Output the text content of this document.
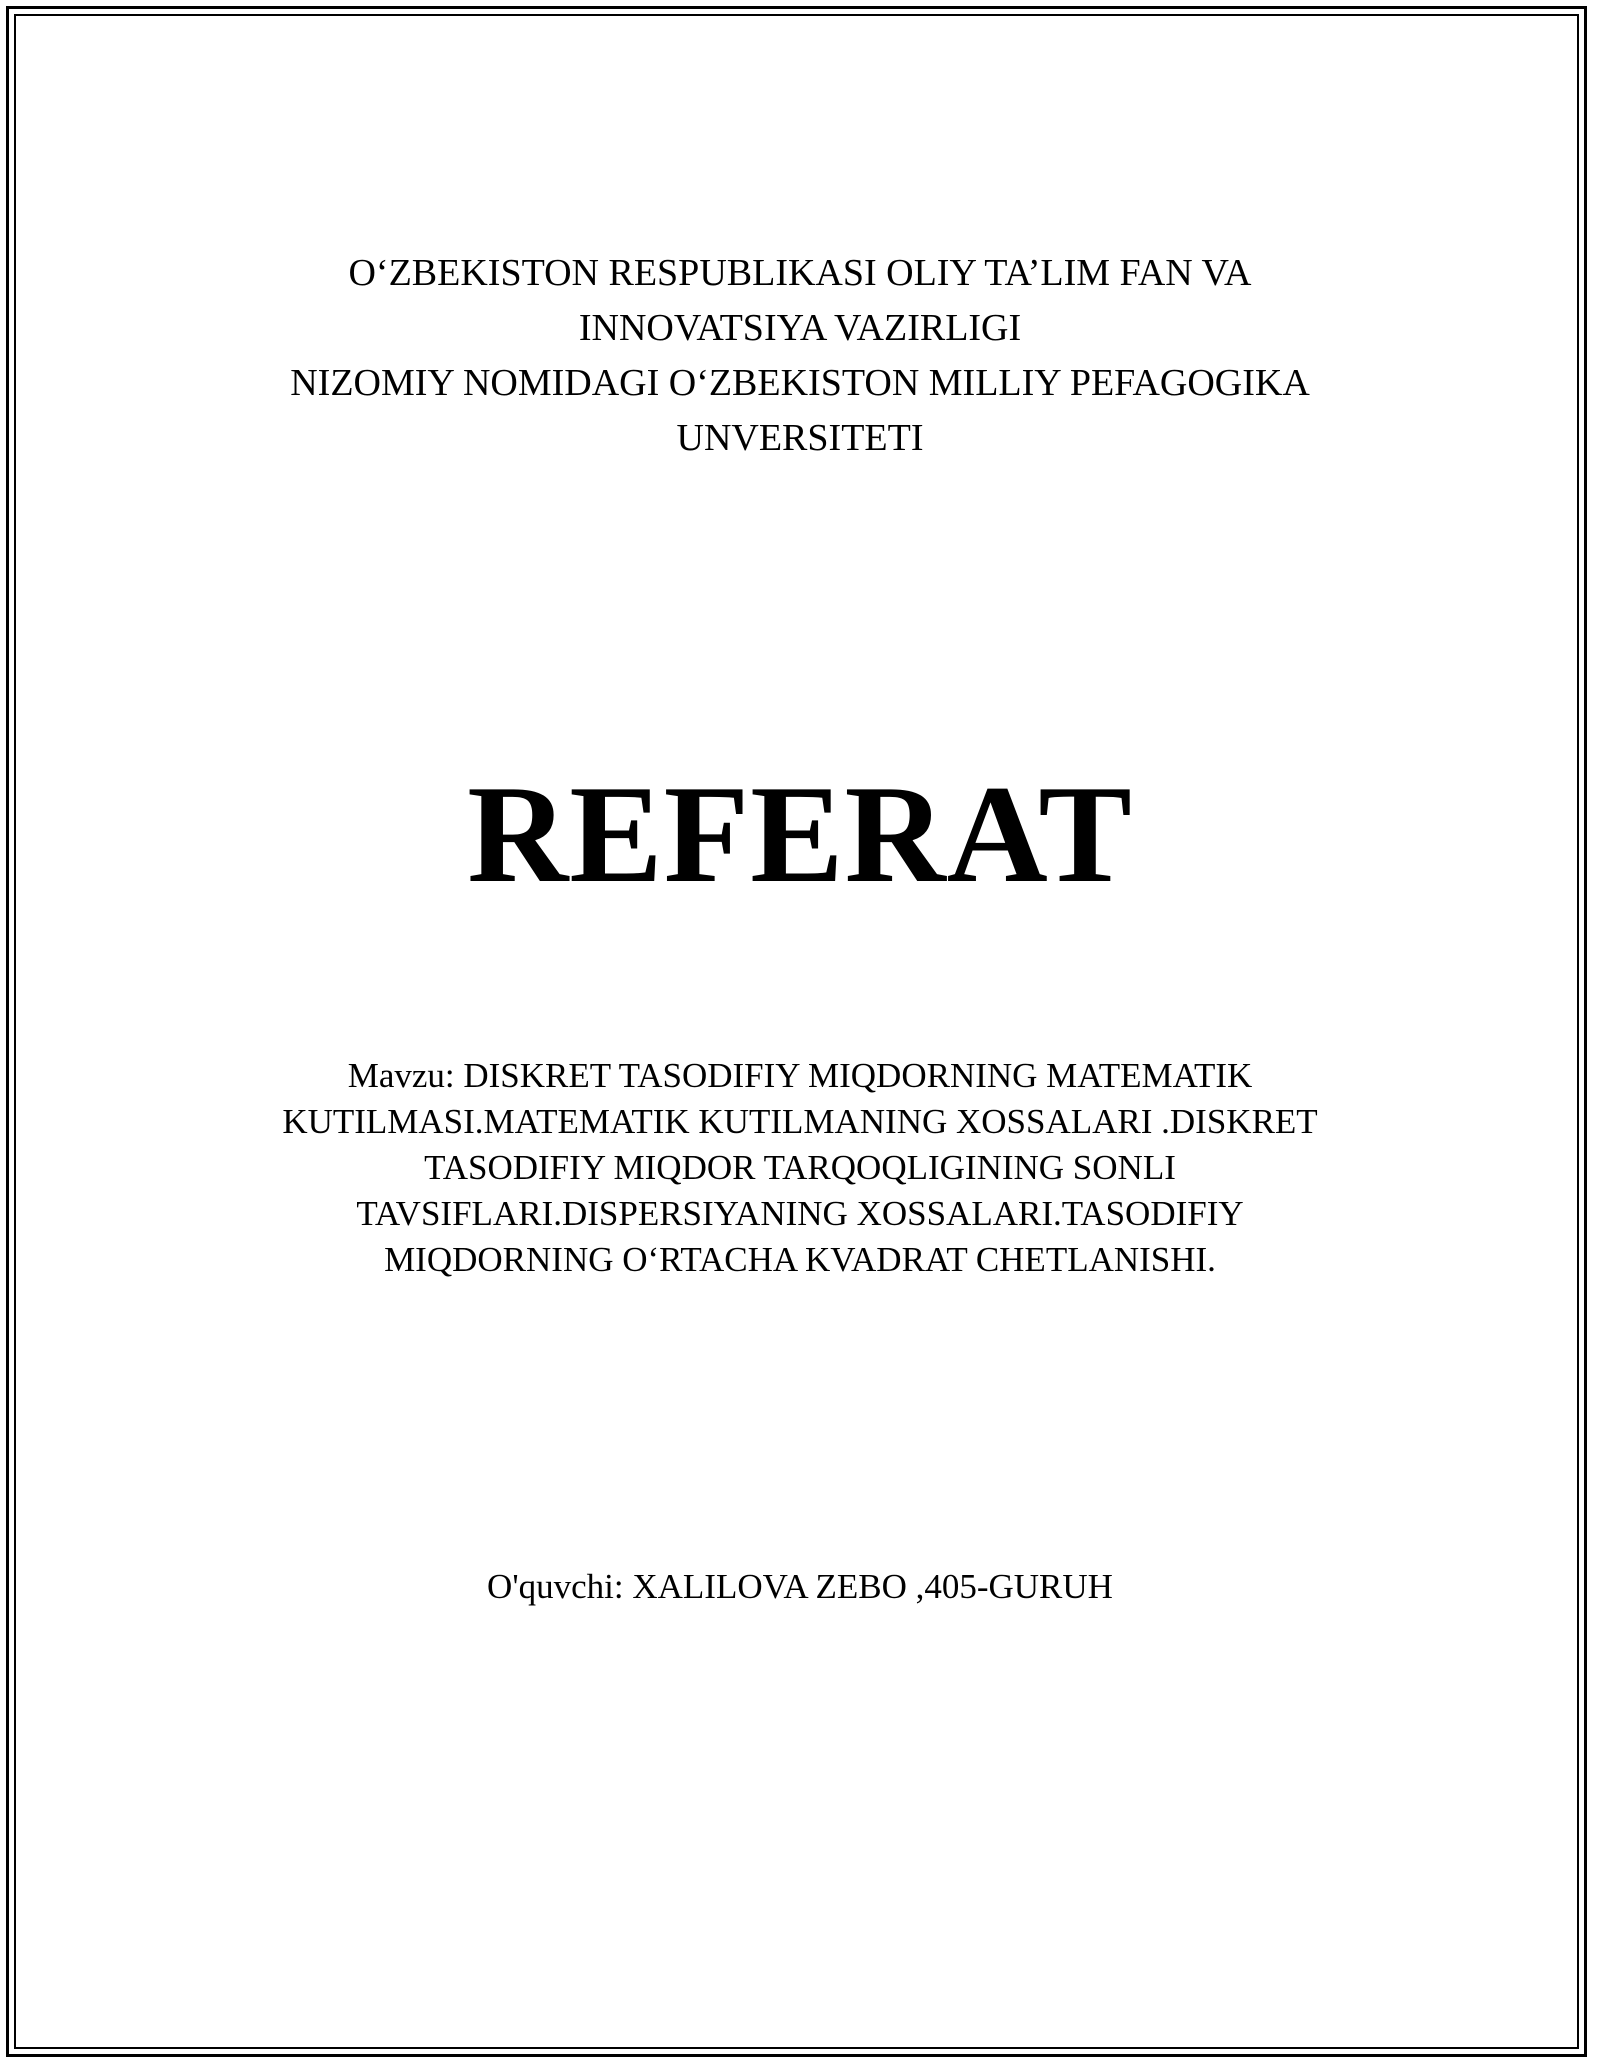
O‘ZBEKISTON RESPUBLIKASI OLIY TA’LIM FAN VA
INNOVATSIYA VAZIRLIGI
NIZOMIY NOMIDAGI O‘ZBEKISTON MILLIY PEFAGOGIKA
UNVERSITETI
REFERAT
Mavzu: DISKRET TASODIFIY MIQDORNING MATEMATIK
KUTILMASI.MATEMATIK KUTILMANING XOSSALARI .DISKRET
TASODIFIY MIQDOR TARQOQLIGINING SONLI
TAVSIFLARI.DISPERSIYANING XOSSALARI.TASODIFIY
MIQDORNING O‘RTACHA KVADRAT CHETLANISHI.
O'quvchi: XALILOVA ZEBO ,405-GURUH
